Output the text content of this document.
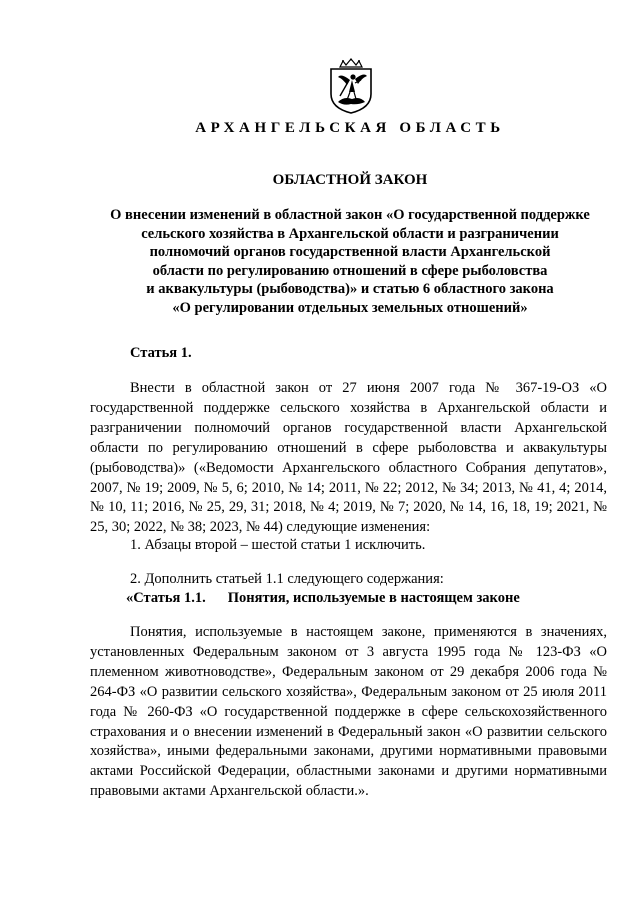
АРХАНГЕЛЬСКАЯ ОБЛАСТЬ
ОБЛАСТНОЙ ЗАКОН
О внесении изменений в областной закон «О государственной поддержке
сельского хозяйства в Архангельской области и разграничении
полномочий органов государственной власти Архангельской
области по регулированию отношений в сфере рыболовства
и аквакультуры (рыбоводства)» и статью 6 областного закона
«О регулировании отдельных земельных отношений»
Статья 1.
Внести в областной закон от 27 июня 2007 года № 367-19-ОЗ «О государственной поддержке сельского хозяйства в Архангельской области и разграничении полномочий органов государственной власти Архангельской области по регулированию отношений в сфере рыболовства и аквакультуры (рыбоводства)» («Ведомости Архангельского областного Собрания депутатов», 2007, № 19; 2009, № 5, 6; 2010, № 14; 2011, № 22; 2012, № 34; 2013, № 41, 4; 2014, № 10, 11; 2016, № 25, 29, 31; 2018, № 4; 2019, № 7; 2020, № 14, 16, 18, 19; 2021, № 25, 30; 2022, № 38; 2023, № 44) следующие изменения:
1. Абзацы второй – шестой статьи 1 исключить.
2. Дополнить статьей 1.1 следующего содержания:
«Статья 1.1. Понятия, используемые в настоящем законе
Понятия, используемые в настоящем законе, применяются в значениях, установленных Федеральным законом от 3 августа 1995 года № 123-ФЗ «О племенном животноводстве», Федеральным законом от 29 декабря 2006 года № 264-ФЗ «О развитии сельского хозяйства», Федеральным законом от 25 июля 2011 года № 260-ФЗ «О государственной поддержке в сфере сельскохозяйственного страхования и о внесении изменений в Федеральный закон «О развитии сельского хозяйства», иными федеральными законами, другими нормативными правовыми актами Российской Федерации, областными законами и другими нормативными правовыми актами Архангельской области.».
